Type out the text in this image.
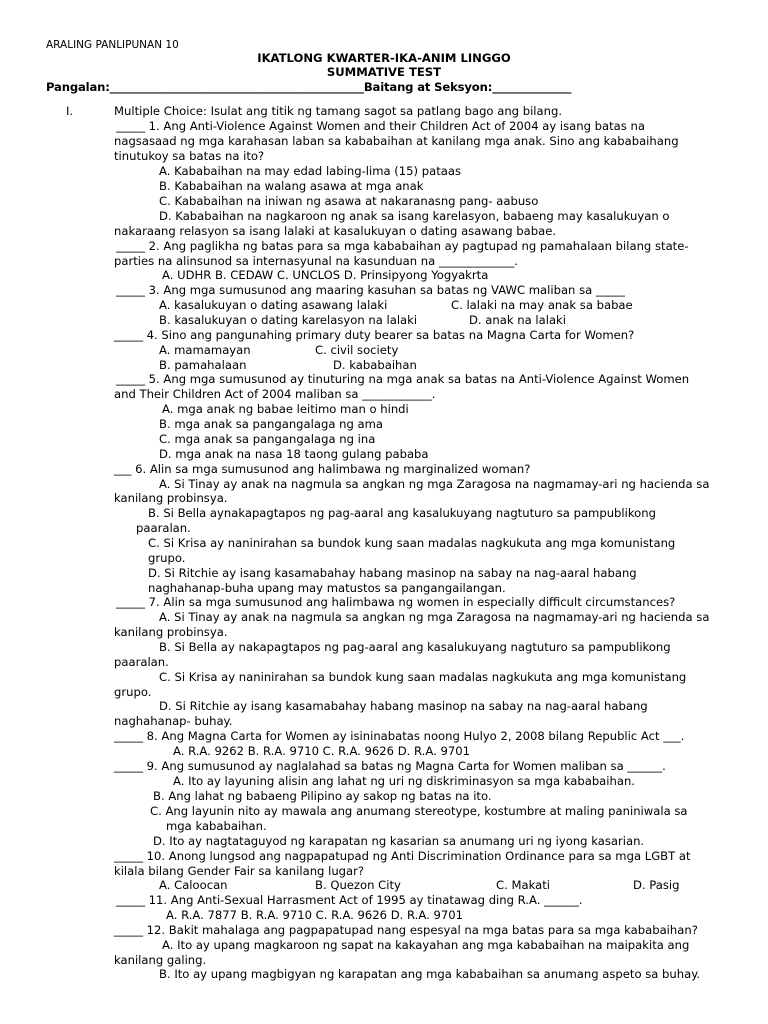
ARALING PANLIPUNAN 10
IKATLONG KWARTER-IKA-ANIM LINGGO
SUMMATIVE TEST
Pangalan:_____________________________________________Baitang at Seksyon:______________
I.	Multiple Choice: Isulat ang titik ng tamang sagot sa patlang bago ang bilang.
_____ 1. Ang Anti-Violence Against Women and their Children Act of 2004 ay isang batas na
nagsasaad ng mga karahasan laban sa kababaihan at kanilang mga anak. Sino ang kababaihang
tinutukoy sa batas na ito?
A. Kababaihan na may edad labing-lima (15) pataas
B. Kababaihan na walang asawa at mga anak
C. Kababaihan na iniwan ng asawa at nakaranasng pang- aabuso
D. Kababaihan na nagkaroon ng anak sa isang karelasyon, babaeng may kasalukuyan o
nakaraang relasyon sa isang lalaki at kasalukuyan o dating asawang babae.
_____ 2. Ang paglikha ng batas para sa mga kababaihan ay pagtupad ng pamahalaan bilang state-
parties na alinsunod sa internasyunal na kasunduan na _____________.
A. UDHR B. CEDAW C. UNCLOS D. Prinsipyong Yogyakrta
_____ 3. Ang mga sumusunod ang maaring kasuhan sa batas ng VAWC maliban sa _____
A. kasalukuyan o dating asawang lalaki	C. lalaki na may anak sa babae
B. kasalukuyan o dating karelasyon na lalaki	D. anak na lalaki
_____ 4. Sino ang pangunahing primary duty bearer sa batas na Magna Carta for Women?
A. mamamayan	C. civil society
B. pamahalaan	D. kababaihan
_____ 5. Ang mga sumusunod ay tinuturing na mga anak sa batas na Anti-Violence Against Women
and Their Children Act of 2004 maliban sa ____________.
A. mga anak ng babae leitimo man o hindi
B. mga anak sa pangangalaga ng ama
C. mga anak sa pangangalaga ng ina
D. mga anak na nasa 18 taong gulang pababa
___ 6. Alin sa mga sumusunod ang halimbawa ng marginalized woman?
A. Si Tinay ay anak na nagmula sa angkan ng mga Zaragosa na nagmamay-ari ng hacienda sa
kanilang probinsya.
B. Si Bella aynakapagtapos ng pag-aaral ang kasalukuyang nagtuturo sa pampublikong
paaralan.
C. Si Krisa ay naninirahan sa bundok kung saan madalas nagkukuta ang mga komunistang
grupo.
D. Si Ritchie ay isang kasamabahay habang masinop na sabay na nag-aaral habang
naghahanap-buha upang may matustos sa pangangailangan.
_____ 7. Alin sa mga sumusunod ang halimbawa ng women in especially difficult circumstances?
A. Si Tinay ay anak na nagmula sa angkan ng mga Zaragosa na nagmamay-ari ng hacienda sa
kanilang probinsya.
B. Si Bella ay nakapagtapos ng pag-aaral ang kasalukuyang nagtuturo sa pampublikong
paaralan.
C. Si Krisa ay naninirahan sa bundok kung saan madalas nagkukuta ang mga komunistang
grupo.
D. Si Ritchie ay isang kasamabahay habang masinop na sabay na nag-aaral habang
naghahanap- buhay.
_____ 8. Ang Magna Carta for Women ay isininabatas noong Hulyo 2, 2008 bilang Republic Act ___.
A. R.A. 9262 B. R.A. 9710 C. R.A. 9626 D. R.A. 9701
_____ 9. Ang sumusunod ay naglalahad sa batas ng Magna Carta for Women maliban sa ______.
A. Ito ay layuning alisin ang lahat ng uri ng diskriminasyon sa mga kababaihan.
B. Ang lahat ng babaeng Pilipino ay sakop ng batas na ito.
C. Ang layunin nito ay mawala ang anumang stereotype, kostumbre at maling paniniwala sa
mga kababaihan.
D. Ito ay nagtataguyod ng karapatan ng kasarian sa anumang uri ng iyong kasarian.
_____ 10. Anong lungsod ang nagpapatupad ng Anti Discrimination Ordinance para sa mga LGBT at
kilala bilang Gender Fair sa kanilang lugar?
A. Caloocan	B. Quezon City	C. Makati	D. Pasig
_____ 11. Ang Anti-Sexual Harrasment Act of 1995 ay tinatawag ding R.A. ______.
A. R.A. 7877 B. R.A. 9710 C. R.A. 9626 D. R.A. 9701
_____ 12. Bakit mahalaga ang pagpapatupad nang espesyal na mga batas para sa mga kababaihan?
A. Ito ay upang magkaroon ng sapat na kakayahan ang mga kababaihan na maipakita ang
kanilang galing.
B. Ito ay upang magbigyan ng karapatan ang mga kababaihan sa anumang aspeto sa buhay.
